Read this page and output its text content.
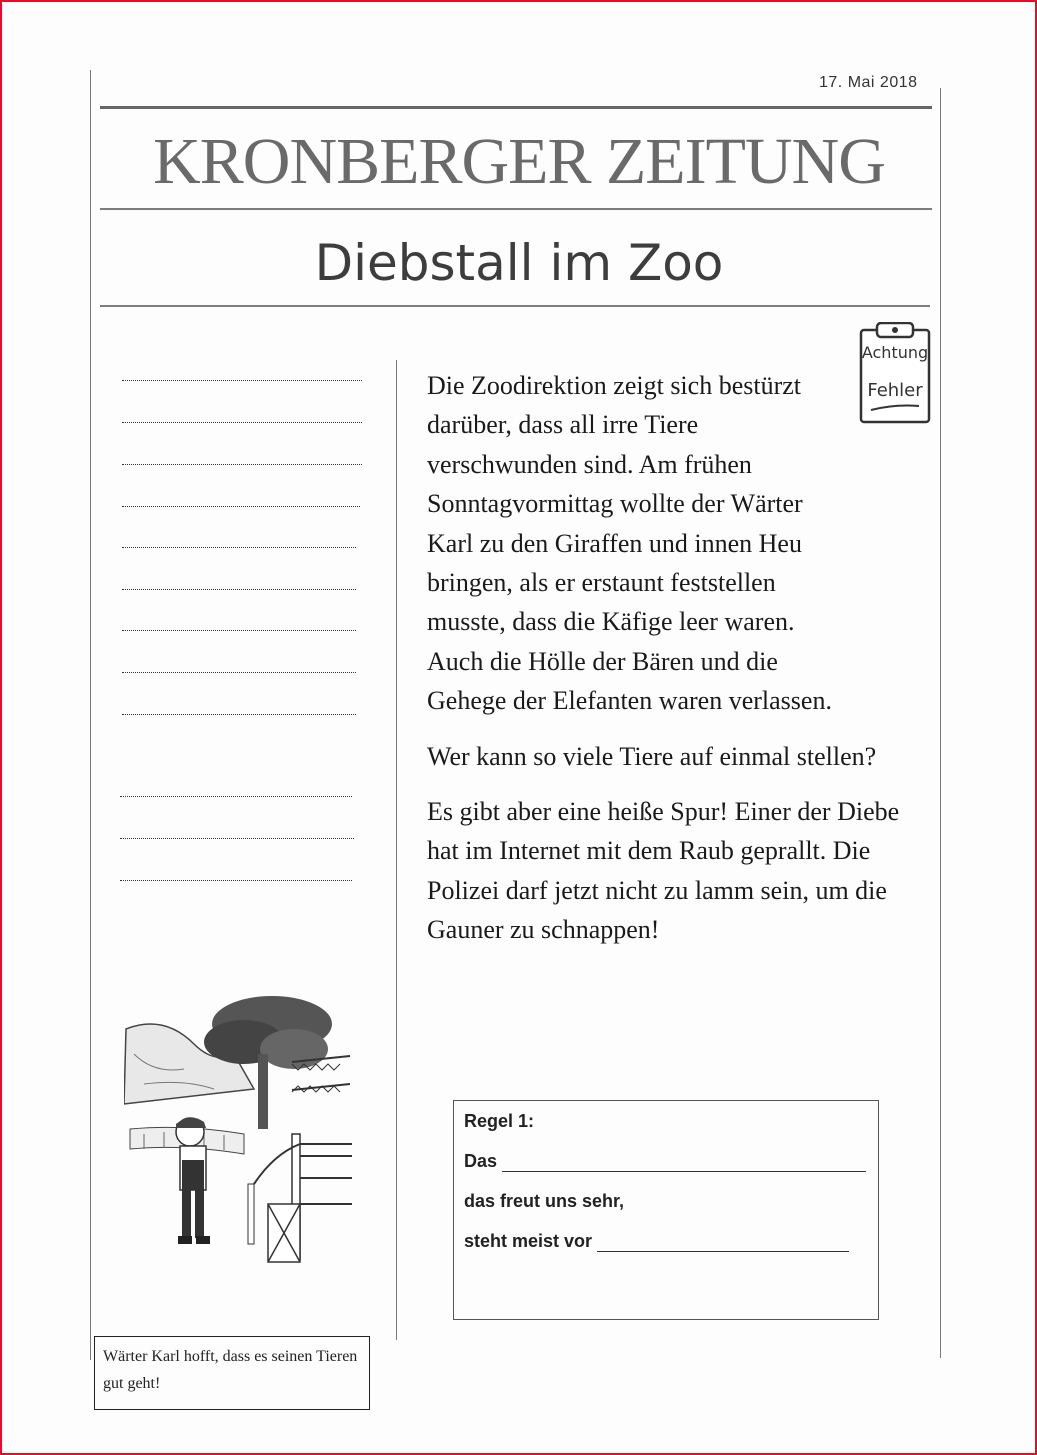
17. Mai 2018
KRONBERGER ZEITUNG
Diebstall im Zoo
Achtung
Fehler

Die Zoodirektion zeigt sich bestürzt darüber, dass all irre Tiere verschwunden sind. Am frühen Sonntagvormittag wollte der Wärter Karl zu den Giraffen und innen Heu bringen, als er erstaunt feststellen musste, dass die Käfige leer waren. Auch die Hölle der Bären und die Gehege der Elefanten waren verlassen.

Wer kann so viele Tiere auf einmal stellen?

Es gibt aber eine heiße Spur! Einer der Diebe hat im Internet mit dem Raub geprallt. Die Polizei darf jetzt nicht zu lamm sein, um die Gauner zu schnappen!

Regel 1:
Das
das freut uns sehr,
steht meist vor
Wärter Karl hofft, dass es seinen Tieren gut geht!
